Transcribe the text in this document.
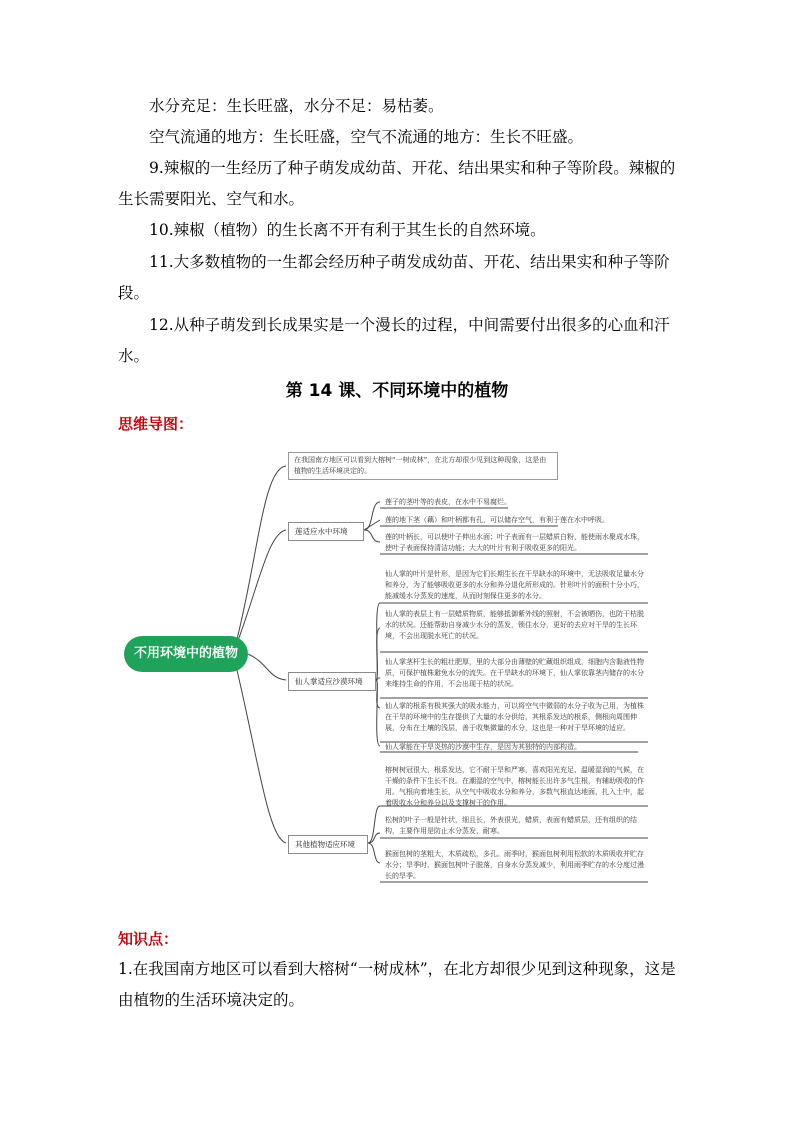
水分充足：生长旺盛，水分不足：易枯萎。

空气流通的地方：生长旺盛，空气不流通的地方：生长不旺盛。

9.辣椒的一生经历了种子萌发成幼苗、开花、结出果实和种子等阶段。辣椒的生长需要阳光、空气和水。

10.辣椒（植物）的生长离不开有利于其生长的自然环境。

11.大多数植物的一生都会经历种子萌发成幼苗、开花、结出果实和种子等阶段。

12.从种子萌发到长成果实是一个漫长的过程，中间需要付出很多的心血和汗水。

第 14 课、不同环境中的植物
思维导图：
不用环境中的植物
在我国南方地区可以看到大榕树“一树成林”，在北方却很少见到这种现象，这是由植物的生活环境决定的。
莲适应水中环境
莲子的茎叶等的表皮，在水中不易腐烂。
莲的地下茎（藕）和叶柄都有孔，可以储存空气，有利于莲在水中呼吸。
莲的叶柄长，可以使叶子伸出水面；叶子表面有一层蜡质白粉，能使雨水聚成水珠，使叶子表面保持清洁功能；大大的叶片有利于吸收更多的阳光。
仙人掌适应沙漠环境
仙人掌的叶片是针形，是因为它们长期生长在干旱缺水的环境中，无法吸收足量水分和养分，为了能够吸收更多的水分和养分退化所形成的。针形叶片的面积十分小巧，能减缓水分蒸发的速度，从而时刻保住更多的水分。
仙人掌的表层上有一层蜡质物质，能够抵御紫外线的照射，不会被晒伤，也防干枯脱水的状况。还能帮助自身减少水分的蒸发，锁住水分，更好的去应对干旱的生长环境，不会出现脱水死亡的状况。
仙人掌茎杆生长的粗壮肥厚，里的大部分由薄壁的贮藏组织组成，细胞内含黏液性物质，可保护植株避免水分的流失。在干旱缺水的环境下，仙人掌依靠茎内储存的水分来维持生命的作用，不会出现干枯的状况。
仙人掌的根系有极其强大的吸水能力，可以将空气中微弱的水分子收为己用，为植株在干旱的环境中的生存提供了大量的水分供给，其根系发达的根系，侧根向周围伸展，分布在土壤的浅层，善于收集微量的水分，这也是一种对干旱环境的适应。
仙人掌能在干旱炎热的沙漠中生存，是因为其独特的内部构造。
其他植物适应环境
榕树树冠很大，根系发达，它不耐干旱和严寒，喜欢阳光充足、温暖湿润的气候，在干燥的条件下生长不良。在潮湿的空气中，榕树能长出许多气生根，有辅助吸收的作用。气根向着地生长，从空气中吸收水分和养分，多数气根直达地面，扎入土中，起着吸收水分和养分以及支撑树干的作用。
松树的叶子一般是针状，细且长，外表很光，蜡质，表面有蜡质层，还有组织的结构，主要作用是防止水分蒸发，耐寒。
猴面包树的茎粗大，木质疏松，多孔。雨季时，猴面包树利用松软的木质吸收并贮存水分；旱季时，猴面包树叶子脱落，自身水分蒸发减少，利用雨季贮存的水分度过漫长的旱季。
知识点：

1.在我国南方地区可以看到大榕树“一树成林”，在北方却很少见到这种现象，这是由植物的生活环境决定的。
